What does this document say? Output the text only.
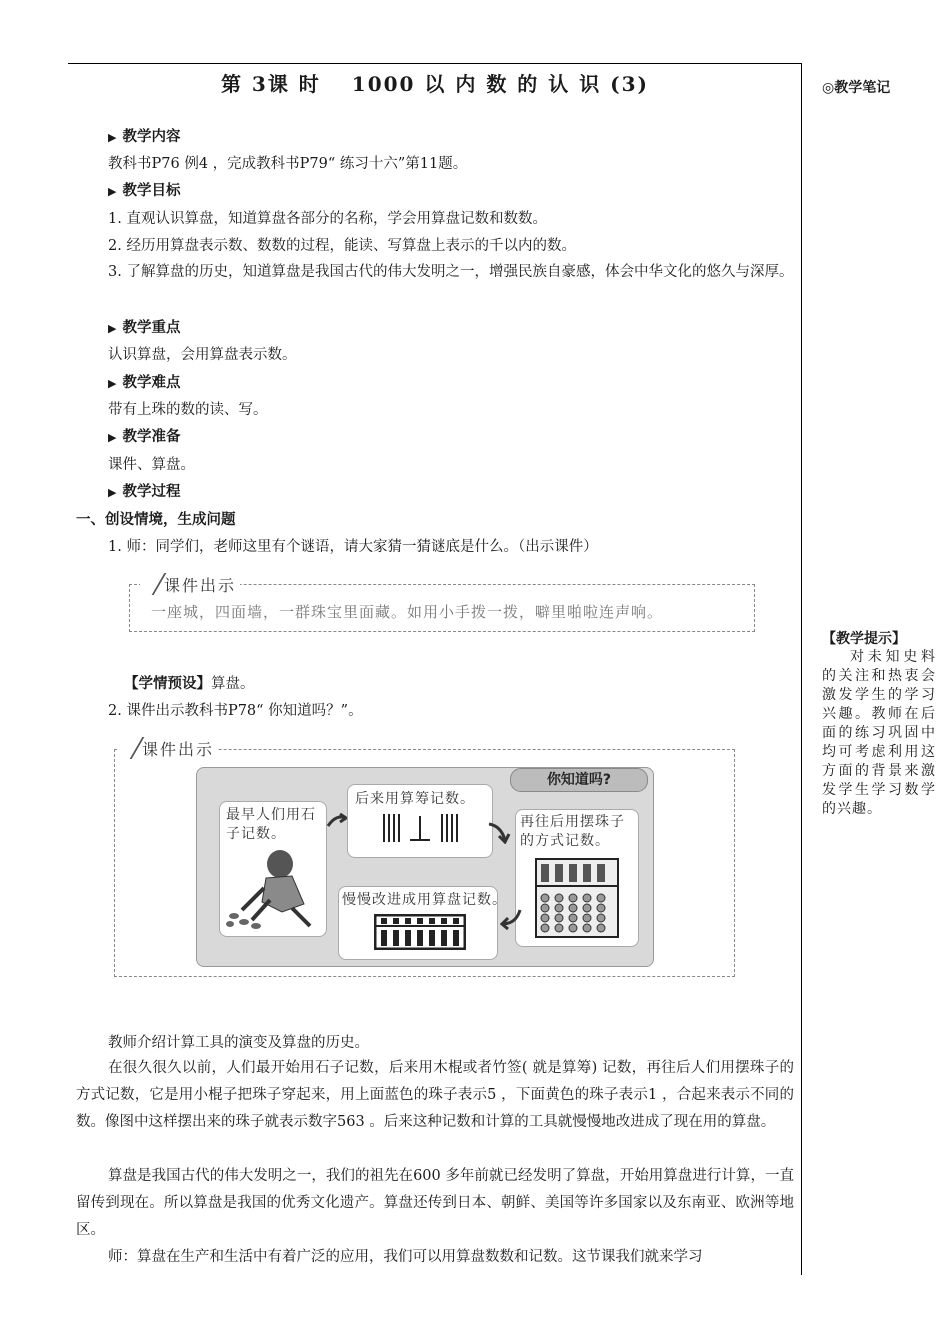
第 3课 时　 1000 以 内 数 的 认 识 (3)	◎教学笔记
▶ 教学内容
教科书P76 例4 ，完成教科书P79“ 练习十六”第11题。
▶ 教学目标
1. 直观认识算盘，知道算盘各部分的名称，学会用算盘记数和数数。
2. 经历用算盘表示数、数数的过程，能读、写算盘上表示的千以内的数。
3. 了解算盘的历史，知道算盘是我国古代的伟大发明之一，增强民族自豪感，体会中华文化的悠久与深厚。
▶ 教学重点
认识算盘，会用算盘表示数。
▶ 教学难点
带有上珠的数的读、写。
▶ 教学准备
课件、算盘。
▶ 教学过程
一、创设情境，生成问题
1. 师：同学们，老师这里有个谜语，请大家猜一猜谜底是什么。（出示课件）
课件出示
一座城，四面墙，一群珠宝里面藏。如用小手拨一拨，噼里啪啦连声响。
【学情预设】算盘。
2. 课件出示教科书P78“ 你知道吗？”。
课件出示
你知道吗?
最早人们用石子记数。
后来用算筹记数。
再往后用摆珠子的方式记数。
慢慢改进成用算盘记数。
【教学提示】
对未知史料的关注和热衷会激发学生的学习兴趣。教师在后面的练习巩固中均可考虑利用这方面的背景来激发学生学习数学的兴趣。
教师介绍计算工具的演变及算盘的历史。
在很久很久以前，人们最开始用石子记数，后来用木棍或者竹签( 就是算筹) 记数，再往后人们用摆珠子的方式记数，它是用小棍子把珠子穿起来，用上面蓝色的珠子表示5 ，下面黄色的珠子表示1 ，合起来表示不同的数。像图中这样摆出来的珠子就表示数字563 。后来这种记数和计算的工具就慢慢地改进成了现在用的算盘。
算盘是我国古代的伟大发明之一，我们的祖先在600 多年前就已经发明了算盘，开始用算盘进行计算，一直留传到现在。所以算盘是我国的优秀文化遗产。算盘还传到日本、朝鲜、美国等许多国家以及东南亚、欧洲等地区。
师：算盘在生产和生活中有着广泛的应用，我们可以用算盘数数和记数。这节课我们就来学习
